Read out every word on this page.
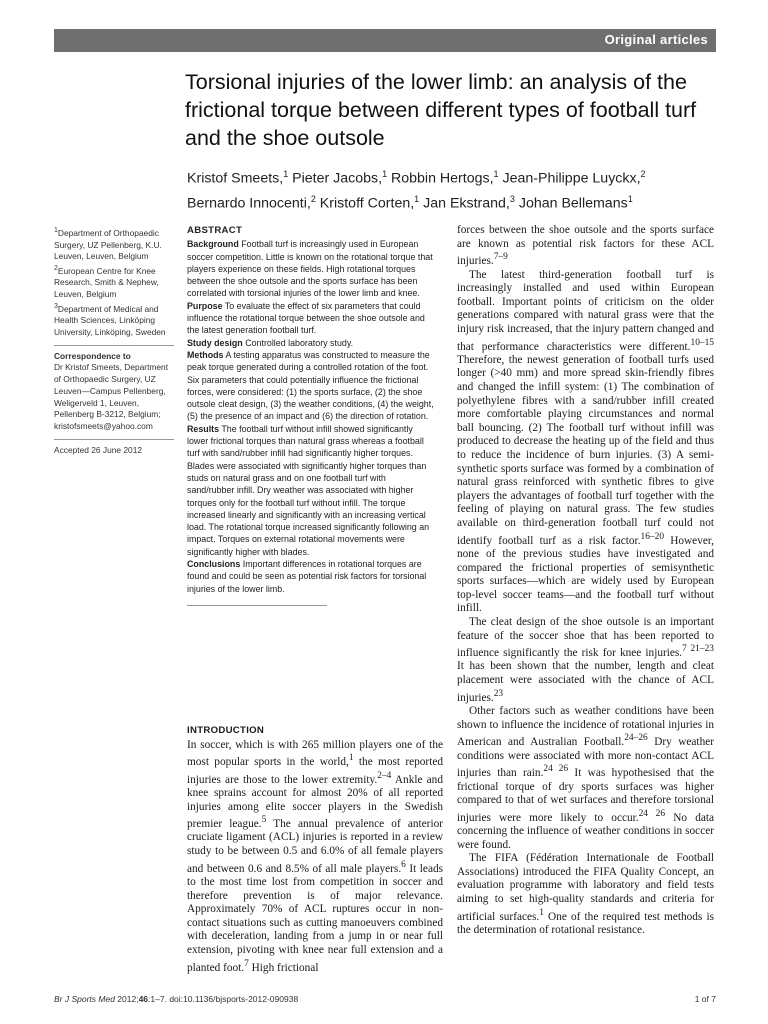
Original articles
Torsional injuries of the lower limb: an analysis of the frictional torque between different types of football turf and the shoe outsole
Kristof Smeets,$^1$ Pieter Jacobs,$^1$ Robbin Hertogs,$^1$ Jean-Philippe Luyckx,$^2$
Bernardo Innocenti,$^2$ Kristoff Corten,$^1$ Jan Ekstrand,$^3$ Johan Bellemans$^1$

$^1$Department of Orthopaedic Surgery, UZ Pellenberg, K.U. Leuven, Leuven, Belgium

$^2$European Centre for Knee Research, Smith & Nephew, Leuven, Belgium

$^3$Department of Medical and Health Sciences, Linköping University, Linköping, Sweden

Correspondence to

Dr Kristof Smeets, Department of Orthopaedic Surgery, UZ Leuven—Campus Pellenberg, Weligerveld 1, Leuven, Pellenberg B-3212, Belgium; kristofsmeets@yahoo.com

Accepted 26 June 2012

ABSTRACT

Background Football turf is increasingly used in European soccer competition. Little is known on the rotational torque that players experience on these fields. High rotational torques between the shoe outsole and the sports surface has been correlated with torsional injuries of the lower limb and knee.

Purpose To evaluate the effect of six parameters that could influence the rotational torque between the shoe outsole and the latest generation football turf.

Study design Controlled laboratory study.

Methods A testing apparatus was constructed to measure the peak torque generated during a controlled rotation of the foot. Six parameters that could potentially influence the frictional forces, were considered: (1) the sports surface, (2) the shoe outsole cleat design, (3) the weather conditions, (4) the weight, (5) the presence of an impact and (6) the direction of rotation.

Results The football turf without infill showed significantly lower frictional torques than natural grass whereas a football turf with sand/rubber infill had significantly higher torques. Blades were associated with significantly higher torques than studs on natural grass and on one football turf with sand/rubber infill. Dry weather was associated with higher torques only for the football turf without infill. The torque increased linearly and significantly with an increasing vertical load. The rotational torque increased significantly following an impact. Torques on external rotational movements were significantly higher with blades.

Conclusions Important differences in rotational torques are found and could be seen as potential risk factors for torsional injuries of the lower limb.

INTRODUCTION

In soccer, which is with 265 million players one of the most popular sports in the world,$^1$ the most reported injuries are those to the lower extremity.$^{2-4}$ Ankle and knee sprains account for almost 20% of all reported injuries among elite soccer players in the Swedish premier league.$^5$ The annual prevalence of anterior cruciate ligament (ACL) injuries is reported in a review study to be between 0.5 and 6.0% of all female players and between 0.6 and 8.5% of all male players.$^6$ It leads to the most time lost from competition in soccer and therefore prevention is of major relevance. Approximately 70% of ACL ruptures occur in non-contact situations such as cutting manoeuvers combined with deceleration, landing from a jump in or near full extension, pivoting with knee near full extension and a planted foot.$^7$ High frictional

forces between the shoe outsole and the sports surface are known as potential risk factors for these ACL injuries.$^{7-9}$

The latest third-generation football turf is increasingly installed and used within European football. Important points of criticism on the older generations compared with natural grass were that the injury risk increased, that the injury pattern changed and that performance characteristics were different.$^{10-15}$ Therefore, the newest generation of football turfs used longer (>40 mm) and more spread skin-friendly fibres and changed the infill system: (1) The combination of polyethylene fibres with a sand/rubber infill created more comfortable playing circumstances and normal ball bouncing. (2) The football turf without infill was produced to decrease the heating up of the field and thus to reduce the incidence of burn injuries. (3) A semi-synthetic sports surface was formed by a combination of natural grass reinforced with synthetic fibres to give players the advantages of football turf together with the feeling of playing on natural grass. The few studies available on third-generation football turf could not identify football turf as a risk factor.$^{16-20}$ However, none of the previous studies have investigated and compared the frictional properties of semisynthetic sports surfaces—which are widely used by European top-level soccer teams—and the football turf without infill.

The cleat design of the shoe outsole is an important feature of the soccer shoe that has been reported to influence significantly the risk for knee injuries.$^{7 21-23}$ It has been shown that the number, length and cleat placement were associated with the chance of ACL injuries.$^{23}$

Other factors such as weather conditions have been shown to influence the incidence of rotational injuries in American and Australian Football.$^{24-26}$ Dry weather conditions were associated with more non-contact ACL injuries than rain.$^{24 26}$ It was hypothesised that the frictional torque of dry sports surfaces was higher compared to that of wet surfaces and therefore torsional injuries were more likely to occur.$^{24 26}$ No data concerning the influence of weather conditions in soccer were found.

The FIFA (Fédération Internationale de Football Associations) introduced the FIFA Quality Concept, an evaluation programme with laboratory and field tests aiming to set high-quality standards and criteria for artificial surfaces.$^1$ One of the required test methods is the determination of rotational resistance.

Br J Sports Med 2012;46:1–7. doi:10.1136/bjsports-2012-090938	1 of 7
